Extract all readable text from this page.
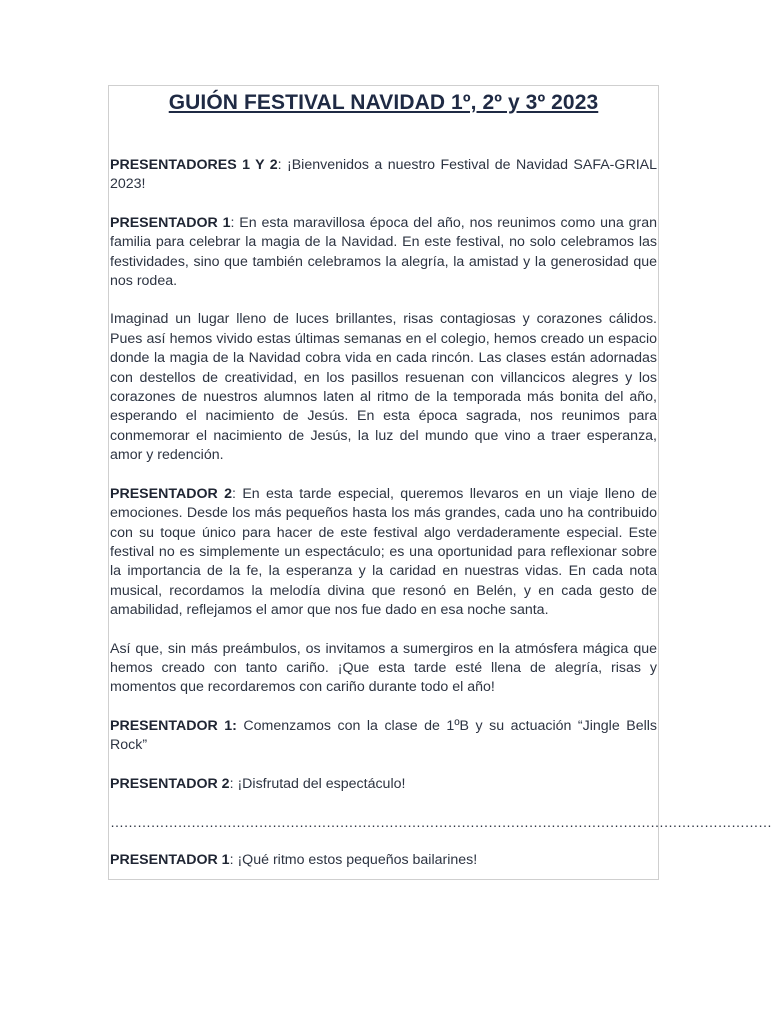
GUIÓN FESTIVAL NAVIDAD 1º, 2º y 3º 2023

PRESENTADORES 1 Y 2: ¡Bienvenidos a nuestro Festival de Navidad SAFA-GRIAL 2023!

PRESENTADOR 1: En esta maravillosa época del año, nos reunimos como una gran familia para celebrar la magia de la Navidad. En este festival, no solo celebramos las festividades, sino que también celebramos la alegría, la amistad y la generosidad que nos rodea.

Imaginad un lugar lleno de luces brillantes, risas contagiosas y corazones cálidos. Pues así hemos vivido estas últimas semanas en el colegio, hemos creado un espacio donde la magia de la Navidad cobra vida en cada rincón. Las clases están adornadas con destellos de creatividad, en los pasillos resuenan con villancicos alegres y los corazones de nuestros alumnos laten al ritmo de la temporada más bonita del año, esperando el nacimiento de Jesús. En esta época sagrada, nos reunimos para conmemorar el nacimiento de Jesús, la luz del mundo que vino a traer esperanza, amor y redención.

PRESENTADOR 2: En esta tarde especial, queremos llevaros en un viaje lleno de emociones. Desde los más pequeños hasta los más grandes, cada uno ha contribuido con su toque único para hacer de este festival algo verdaderamente especial. Este festival no es simplemente un espectáculo; es una oportunidad para reflexionar sobre la importancia de la fe, la esperanza y la caridad en nuestras vidas. En cada nota musical, recordamos la melodía divina que resonó en Belén, y en cada gesto de amabilidad, reflejamos el amor que nos fue dado en esa noche santa.

Así que, sin más preámbulos, os invitamos a sumergiros en la atmósfera mágica que hemos creado con tanto cariño. ¡Que esta tarde esté llena de alegría, risas y momentos que recordaremos con cariño durante todo el año!

PRESENTADOR 1: Comenzamos con la clase de 1ºB y su actuación “Jingle Bells Rock”

PRESENTADOR 2: ¡Disfrutad del espectáculo!

…………………………………………………………………………………………………………………………………

PRESENTADOR 1: ¡Qué ritmo estos pequeños bailarines!
